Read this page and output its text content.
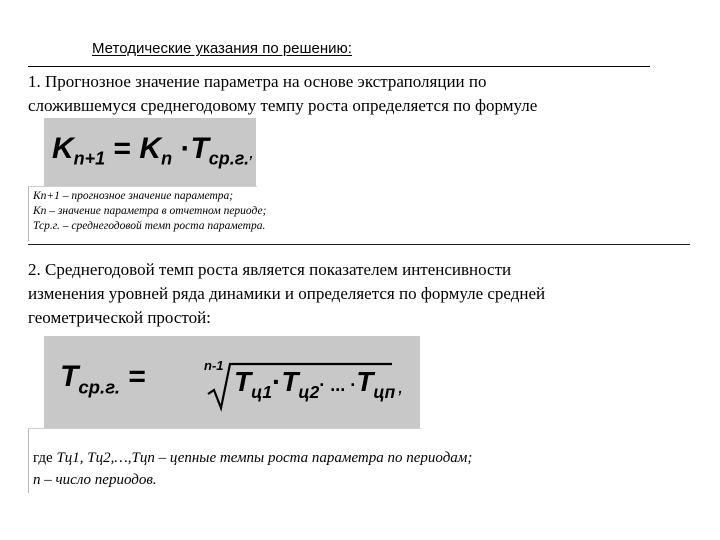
Методические указания по решению:
1. Прогнозное значение параметра на основе экстраполяции по
сложившемуся среднегодовому темпу роста определяется по формуле
$K_{n+1} = K_n \cdot T_{ср.г.}$,
Кп+1 – прогнозное значение параметра;
Кп – значение параметра в отчетном периоде;
Тср.г. – среднегодовой темп роста параметра.
2. Среднегодовой темп роста является показателем интенсивности
изменения уровней ряда динамики и определяется по формуле средней
геометрической простой:
$T_{ср.г.}$ =	n-1
$T_{ц1}\cdot T_{ц2}\cdot$ ... $\cdot T_{цп}$ ,
где Тц1, Тц2,…,Тцп – цепные темпы роста параметра по периодам;
п – число периодов.
